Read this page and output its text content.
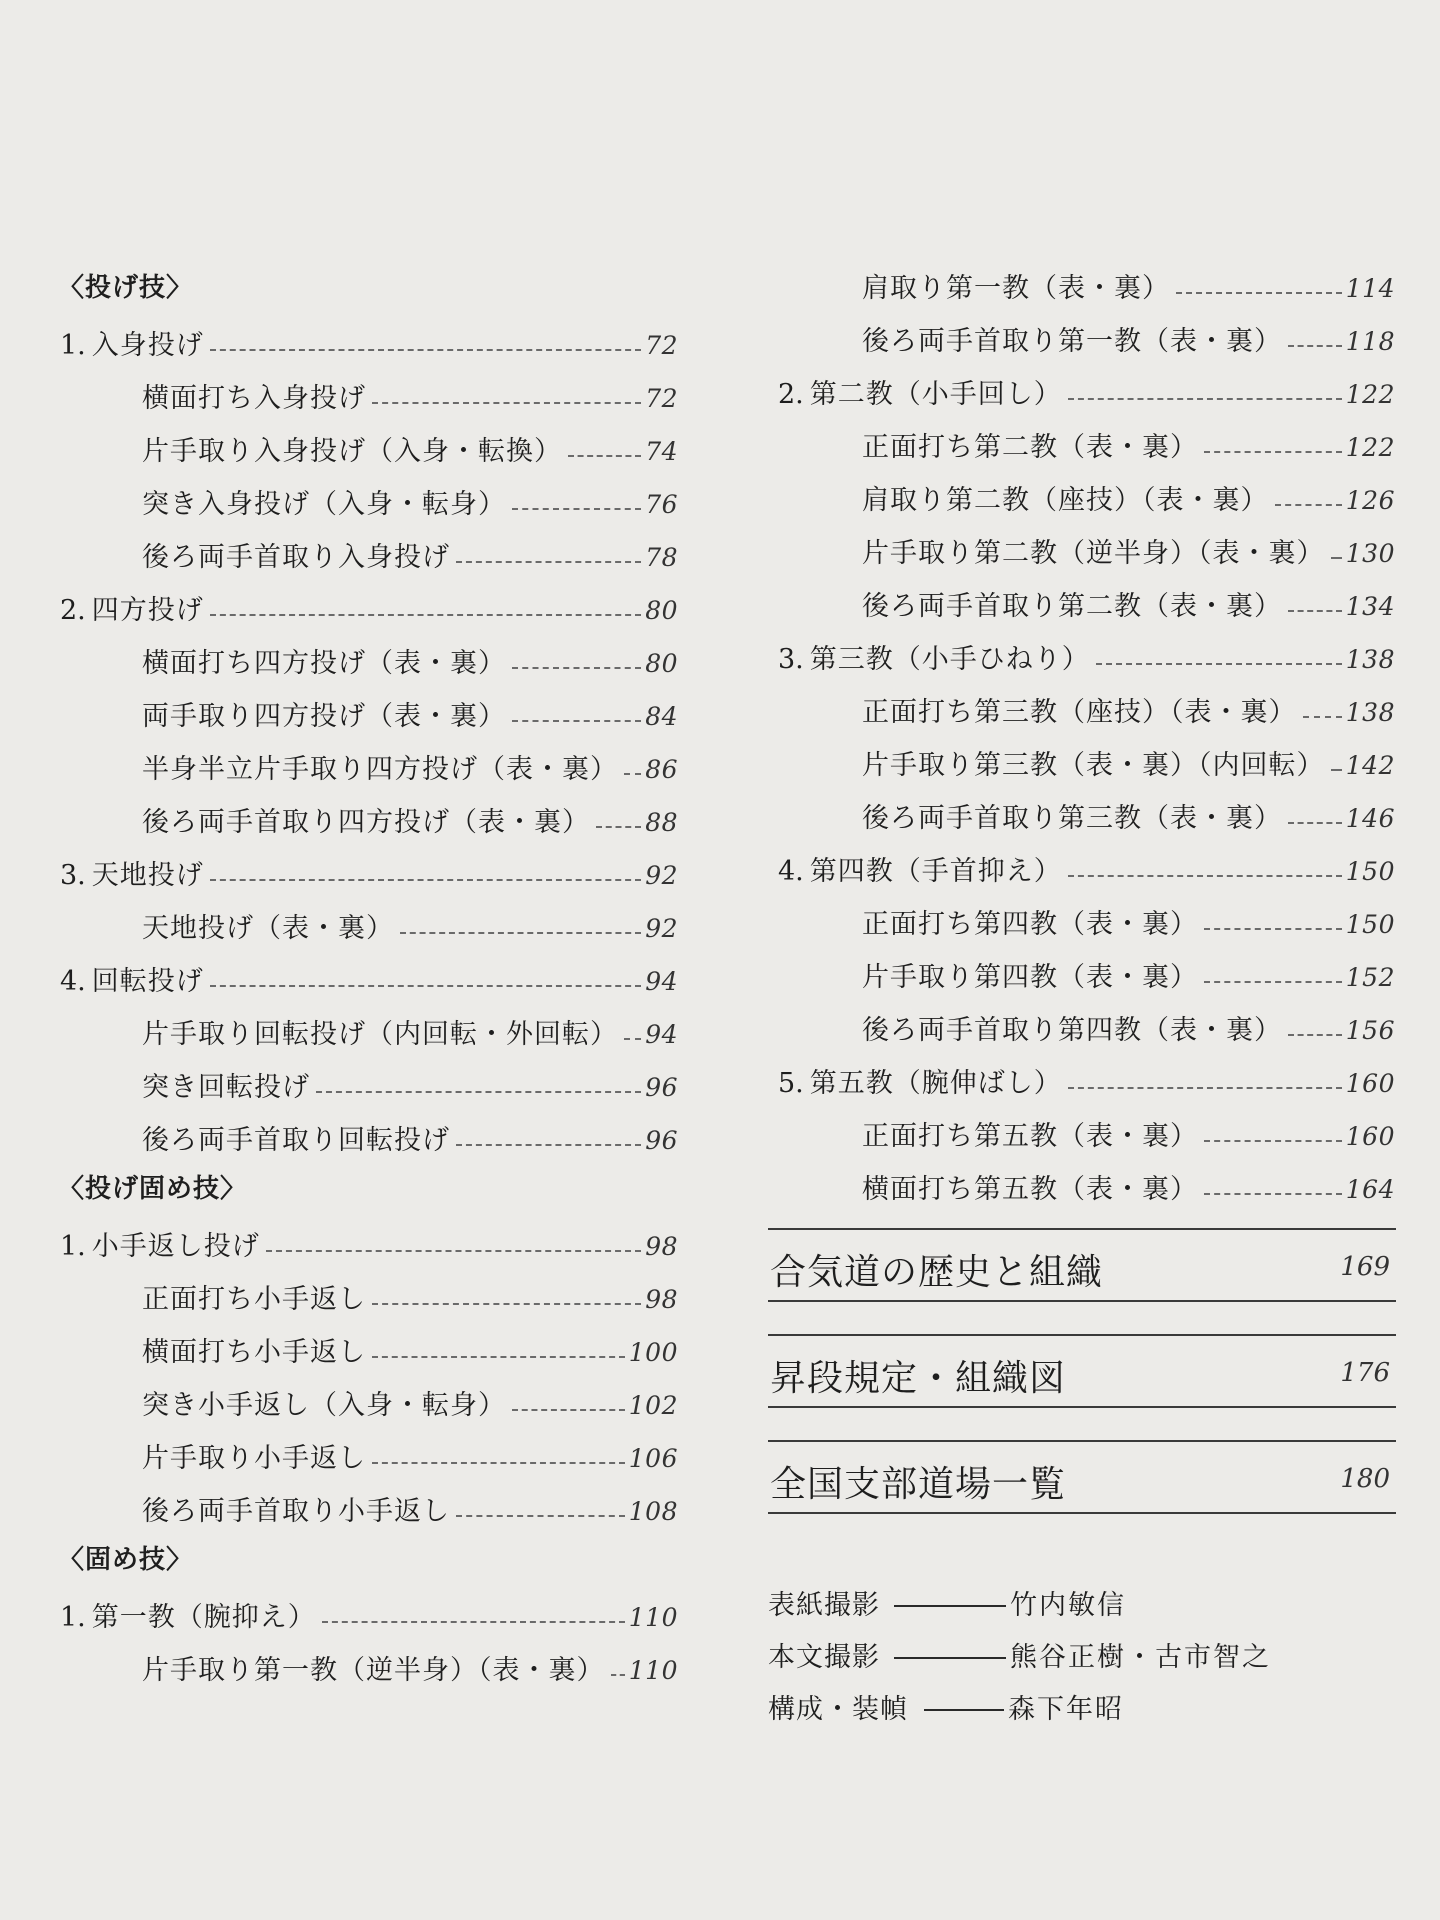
〈投げ技〉
1. 入身投げ	72
横面打ち入身投げ	72
片手取り入身投げ（入身・転換）	74
突き入身投げ（入身・転身）	76
後ろ両手首取り入身投げ	78
2. 四方投げ	80
横面打ち四方投げ（表・裏）	80
両手取り四方投げ（表・裏）	84
半身半立片手取り四方投げ（表・裏） 86
後ろ両手首取り四方投げ（表・裏） 88
3. 天地投げ	92
天地投げ（表・裏）	92
4. 回転投げ	94
片手取り回転投げ（内回転・外回転） 94
突き回転投げ	96
後ろ両手首取り回転投げ	96
〈投げ固め技〉
1. 小手返し投げ	98
正面打ち小手返し	98
横面打ち小手返し	100
突き小手返し（入身・転身）	102
片手取り小手返し	106
後ろ両手首取り小手返し	108
〈固め技〉
1. 第一教（腕抑え）	110
片手取り第一教（逆半身）（表・裏） 110
肩取り第一教（表・裏）	114
後ろ両手首取り第一教（表・裏）	118
2. 第二教（小手回し）	122
正面打ち第二教（表・裏）	122
肩取り第二教（座技）（表・裏）	126
片手取り第二教（逆半身）（表・裏） 130
後ろ両手首取り第二教（表・裏）	134
3. 第三教（小手ひねり）	138
正面打ち第三教（座技）（表・裏） 138
片手取り第三教（表・裏）（内回転） 142
後ろ両手首取り第三教（表・裏）	146
4. 第四教（手首抑え）	150
正面打ち第四教（表・裏）	150
片手取り第四教（表・裏）	152
後ろ両手首取り第四教（表・裏）	156
5. 第五教（腕伸ばし）	160
正面打ち第五教（表・裏）	160
横面打ち第五教（表・裏）	164
合気道の歴史と組織	169
昇段規定・組織図	176
全国支部道場一覧	180
表紙撮影	竹内敏信
本文撮影	熊谷正樹・古市智之
構成・装幀	森下年昭
